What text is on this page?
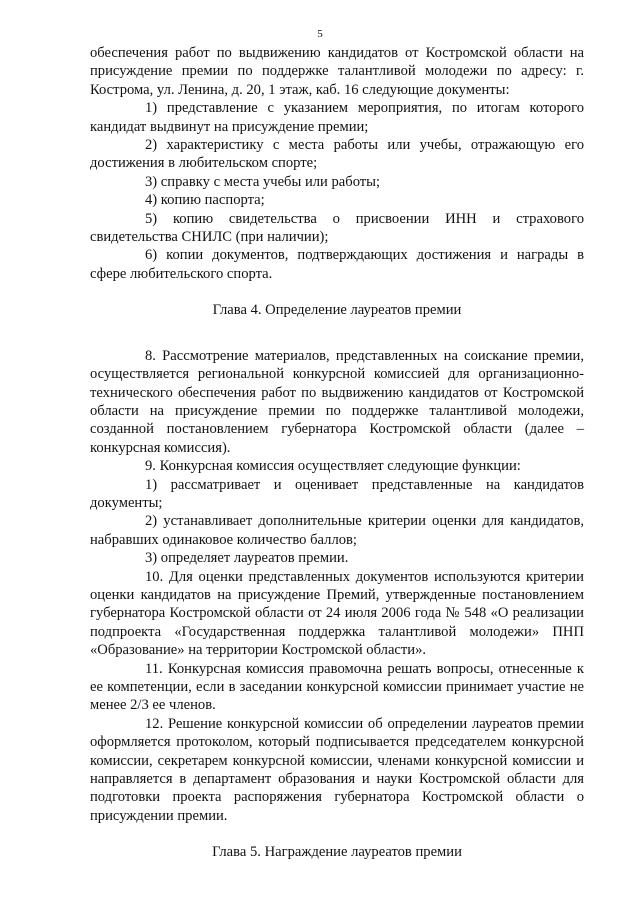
5

обеспечения работ по выдвижению кандидатов от Костромской области на присуждение премии по поддержке талантливой молодежи по адресу: г. Кострома, ул. Ленина, д. 20, 1 этаж, каб. 16 следующие документы:

1) представление с указанием мероприятия, по итогам которого кандидат выдвинут на присуждение премии;

2) характеристику с места работы или учебы, отражающую его достижения в любительском спорте;

3) справку с места учебы или работы;

4) копию паспорта;

5) копию свидетельства о присвоении ИНН и страхового свидетельства СНИЛС (при наличии);

6) копии документов, подтверждающих достижения и награды в сфере любительского спорта.

Глава 4. Определение лауреатов премии

8. Рассмотрение материалов, представленных на соискание премии, осуществляется региональной конкурсной комиссией для организационно-технического обеспечения работ по выдвижению кандидатов от Костромской области на присуждение премии по поддержке талантливой молодежи, созданной постановлением губернатора Костромской области (далее – конкурсная комиссия).

9. Конкурсная комиссия осуществляет следующие функции:

1) рассматривает и оценивает представленные на кандидатов документы;

2) устанавливает дополнительные критерии оценки для кандидатов, набравших одинаковое количество баллов;

3) определяет лауреатов премии.

10. Для оценки представленных документов используются критерии оценки кандидатов на присуждение Премий, утвержденные постановлением губернатора Костромской области от 24 июля 2006 года № 548 «О реализации подпроекта «Государственная поддержка талантливой молодежи» ПНП «Образование» на территории Костромской области».

11. Конкурсная комиссия правомочна решать вопросы, отнесенные к ее компетенции, если в заседании конкурсной комиссии принимает участие не менее 2/3 ее членов.

12. Решение конкурсной комиссии об определении лауреатов премии оформляется протоколом, который подписывается председателем конкурсной комиссии, секретарем конкурсной комиссии, членами конкурсной комиссии и направляется в департамент образования и науки Костромской области для подготовки проекта распоряжения губернатора Костромской области о присуждении премии.

Глава 5. Награждение лауреатов премии
